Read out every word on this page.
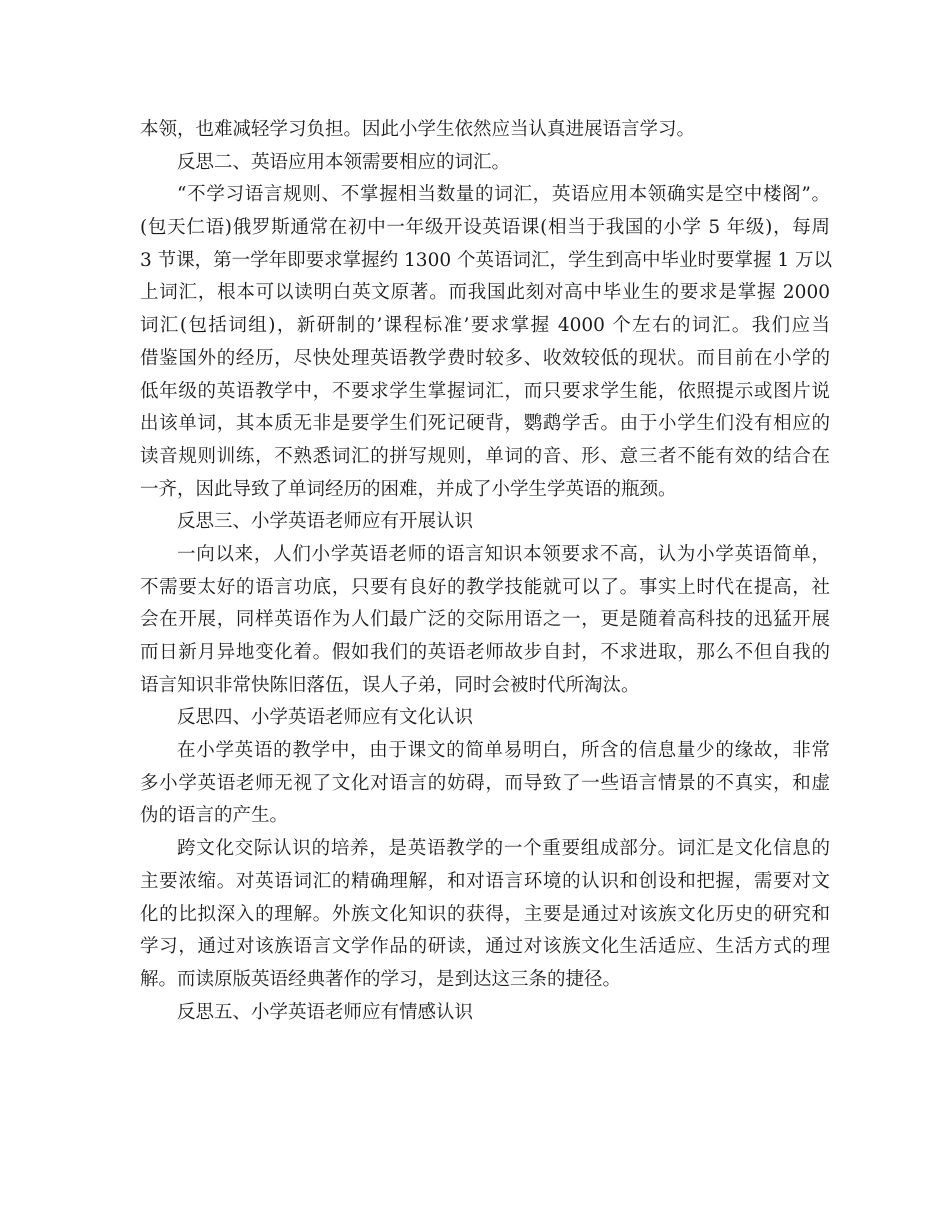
本领，也难减轻学习负担。因此小学生依然应当认真进展语言学习。
反思二、英语应用本领需要相应的词汇。
“不学习语言规则、不掌握相当数量的词汇，英语应用本领确实是空中楼阁”。
(包天仁语)俄罗斯通常在初中一年级开设英语课(相当于我国的小学 5 年级)，每周
3 节课，第一学年即要求掌握约 1300 个英语词汇，学生到高中毕业时要掌握 1 万以
上词汇，根本可以读明白英文原著。而我国此刻对高中毕业生的要求是掌握 2000
词汇(包括词组)，新研制的’课程标准’要求掌握 4000 个左右的词汇。我们应当
借鉴国外的经历，尽快处理英语教学费时较多、收效较低的现状。而目前在小学的
低年级的英语教学中，不要求学生掌握词汇，而只要求学生能，依照提示或图片说
出该单词，其本质无非是要学生们死记硬背，鹦鹉学舌。由于小学生们没有相应的
读音规则训练，不熟悉词汇的拼写规则，单词的音、形、意三者不能有效的结合在
一齐，因此导致了单词经历的困难，并成了小学生学英语的瓶颈。
反思三、小学英语老师应有开展认识
一向以来，人们小学英语老师的语言知识本领要求不高，认为小学英语简单，
不需要太好的语言功底，只要有良好的教学技能就可以了。事实上时代在提高，社
会在开展，同样英语作为人们最广泛的交际用语之一，更是随着高科技的迅猛开展
而日新月异地变化着。假如我们的英语老师故步自封，不求进取，那么不但自我的
语言知识非常快陈旧落伍，误人子弟，同时会被时代所淘汰。
反思四、小学英语老师应有文化认识
在小学英语的教学中，由于课文的简单易明白，所含的信息量少的缘故，非常
多小学英语老师无视了文化对语言的妨碍，而导致了一些语言情景的不真实，和虚
伪的语言的产生。
跨文化交际认识的培养，是英语教学的一个重要组成部分。词汇是文化信息的
主要浓缩。对英语词汇的精确理解，和对语言环境的认识和创设和把握，需要对文
化的比拟深入的理解。外族文化知识的获得，主要是通过对该族文化历史的研究和
学习，通过对该族语言文学作品的研读，通过对该族文化生活适应、生活方式的理
解。而读原版英语经典著作的学习，是到达这三条的捷径。
反思五、小学英语老师应有情感认识
